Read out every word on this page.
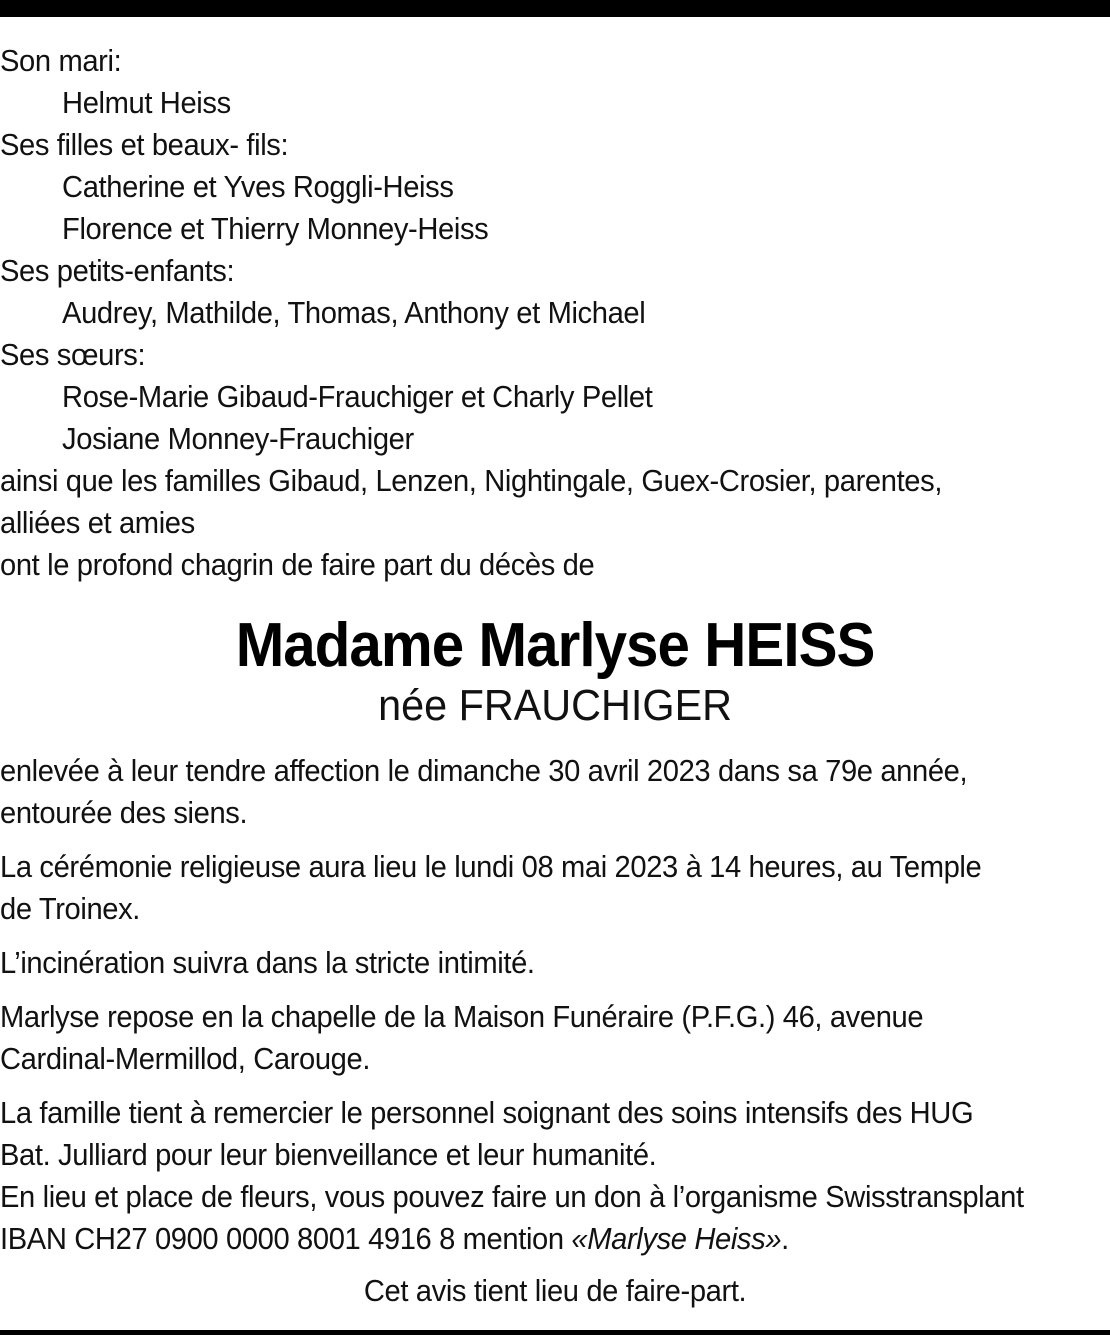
Son mari:
Helmut Heiss
Ses filles et beaux- fils:
Catherine et Yves Roggli-Heiss
Florence et Thierry Monney-Heiss
Ses petits-enfants:
Audrey, Mathilde, Thomas, Anthony et Michael
Ses sœurs:
Rose-Marie Gibaud-Frauchiger et Charly Pellet
Josiane Monney-Frauchiger
ainsi que les familles Gibaud, Lenzen, Nightingale, Guex-Crosier, parentes,
alliées et amies
ont le profond chagrin de faire part du décès de
Madame Marlyse HEISS
née FRAUCHIGER
enlevée à leur tendre affection le dimanche 30 avril 2023 dans sa 79e année,
entourée des siens.
La cérémonie religieuse aura lieu le lundi 08 mai 2023 à 14 heures, au Temple
de Troinex.
L’incinération suivra dans la stricte intimité.
Marlyse repose en la chapelle de la Maison Funéraire (P.F.G.) 46, avenue
Cardinal-Mermillod, Carouge.
La famille tient à remercier le personnel soignant des soins intensifs des HUG
Bat. Julliard pour leur bienveillance et leur humanité.
En lieu et place de fleurs, vous pouvez faire un don à l’organisme Swisstransplant
IBAN CH27 0900 0000 8001 4916 8 mention «Marlyse Heiss».
Cet avis tient lieu de faire-part.
